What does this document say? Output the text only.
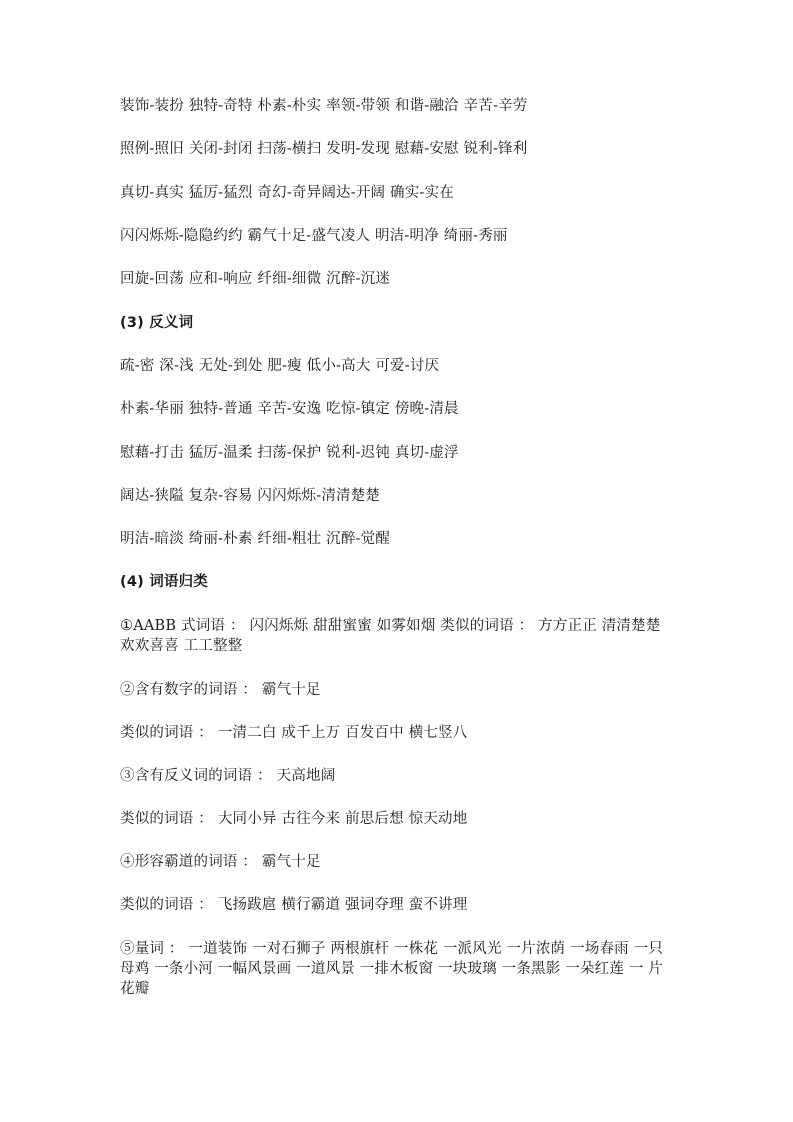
装饰-装扮 独特-奇特 朴素-朴实 率领-带领 和谐-融洽 辛苦-辛劳
照例-照旧 关闭-封闭 扫荡-横扫 发明-发现 慰藉-安慰 锐利-锋利
真切-真实 猛厉-猛烈 奇幻-奇异阔达-开阔 确实-实在
闪闪烁烁-隐隐约约 霸气十足-盛气凌人 明洁-明净 绮丽-秀丽
回旋-回荡 应和-响应 纤细-细微 沉醉-沉迷
(3) 反义词
疏-密 深-浅 无处-到处 肥-瘦 低小-高大 可爱-讨厌
朴素-华丽 独特-普通 辛苦-安逸 吃惊-镇定 傍晚-清晨
慰藉-打击 猛厉-温柔 扫荡-保护 锐利-迟钝 真切-虚浮
阔达-狭隘 复杂-容易 闪闪烁烁-清清楚楚
明洁-暗淡 绮丽-朴素 纤细-粗壮 沉醉-觉醒
(4) 词语归类
①AABB 式词语 ： 闪闪烁烁 甜甜蜜蜜 如雾如烟 类似的词语 ： 方方正正 清清楚楚 欢欢喜喜 工工整整
②含有数字的词语 ： 霸气十足
类似的词语 ： 一清二白 成千上万 百发百中 横七竖八
③含有反义词的词语 ： 天高地阔
类似的词语 ： 大同小异 古往今来 前思后想 惊天动地
④形容霸道的词语 ： 霸气十足
类似的词语 ： 飞扬跋扈 横行霸道 强词夺理 蛮不讲理
⑤量词 ： 一道装饰 一对石狮子 两根旗杆 一株花 一派风光 一片浓荫 一场春雨 一只母鸡 一条小河 一幅风景画 一道风景 一排木板窗 一块玻璃 一条黑影 一朵红莲 一 片花瓣
